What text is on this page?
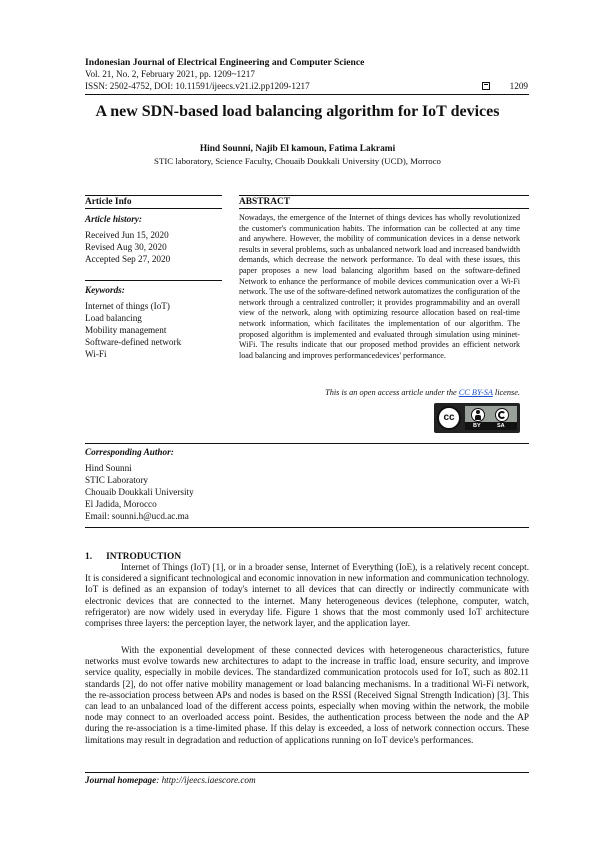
Indonesian Journal of Electrical Engineering and Computer Science
Vol. 21, No. 2, February 2021, pp. 1209~1217
ISSN: 2502-4752, DOI: 10.11591/ijeecs.v21.i2.pp1209-1217	1209
A new SDN-based load balancing algorithm for IoT devices
Hind Sounni, Najib El kamoun, Fatima Lakrami
STIC laboratory, Science Faculty, Chouaib Doukkali University (UCD), Morroco
Article Info
Article history:
Received Jun 15, 2020
Revised Aug 30, 2020
Accepted Sep 27, 2020
Keywords:
Internet of things (IoT)
Load balancing
Mobility management
Software-defined network
Wi-Fi
ABSTRACT
Nowadays, the emergence of the Internet of things devices has wholly revolutionized the customer's communication habits. The information can be collected at any time and anywhere. However, the mobility of communication devices in a dense network results in several problems, such as unbalanced network load and increased bandwidth demands, which decrease the network performance. To deal with these issues, this paper proposes a new load balancing algorithm based on the software-defined Network to enhance the performance of mobile devices communication over a Wi-Fi network. The use of the software-defined network automatizes the configuration of the network through a centralized controller; it provides programmability and an overall view of the network, along with optimizing resource allocation based on real-time network information, which facilitates the implementation of our algorithm. The proposed algorithm is implemented and evaluated through simulation using mininet-WiFi. The results indicate that our proposed method provides an efficient network load balancing and improves performancedevices' performance.
This is an open access article under the CC BY-SA license.
cc
BY	SA
Corresponding Author:
Hind Sounni
STIC Laboratory
Chouaib Doukkali University
El Jadida, Morocco
Email: sounni.h@ucd.ac.ma
1.      INTRODUCTION
Internet of Things (IoT) [1], or in a broader sense, Internet of Everything (IoE), is a relatively recent concept. It is considered a significant technological and economic innovation in new information and communication technology. IoT is defined as an expansion of today's internet to all devices that can directly or indirectly communicate with electronic devices that are connected to the internet. Many heterogeneous devices (telephone, computer, watch, refrigerator) are now widely used in everyday life. Figure 1 shows that the most commonly used IoT architecture comprises three layers: the perception layer, the network layer, and the application layer.
With the exponential development of these connected devices with heterogeneous characteristics, future networks must evolve towards new architectures to adapt to the increase in traffic load, ensure security, and improve service quality, especially in mobile devices. The standardized communication protocols used for IoT, such as 802.11 standards [2], do not offer native mobility management or load balancing mechanisms. In a traditional Wi-Fi network, the re-association process between APs and nodes is based on the RSSI (Received Signal Strength Indication) [3]. This can lead to an unbalanced load of the different access points, especially when moving within the network, the mobile node may connect to an overloaded access point. Besides, the authentication process between the node and the AP during the re-association is a time-limited phase. If this delay is exceeded, a loss of network connection occurs. These limitations may result in degradation and reduction of applications running on IoT device's performances.
Journal homepage: http://ijeecs.iaescore.com
